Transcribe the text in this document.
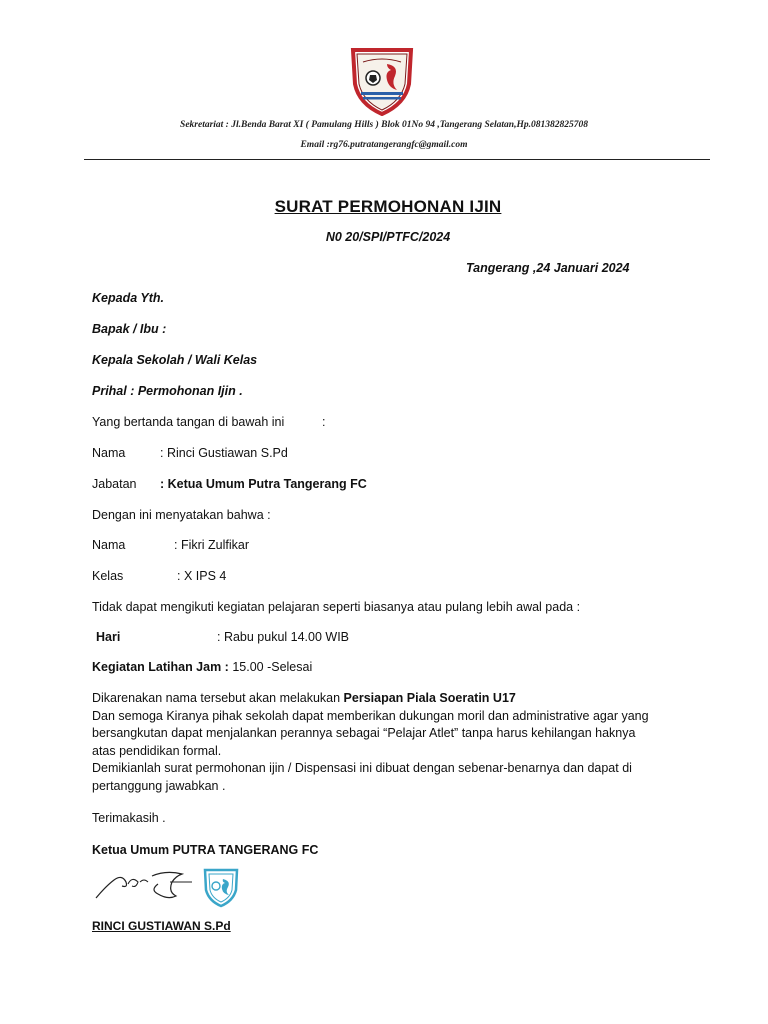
Sekretariat : Jl.Benda Barat XI ( Pamulang Hills ) Blok 01No 94 ,Tangerang Selatan,Hp.081382825708
Email :rg76.putratangerangfc@gmail.com
SURAT PERMOHONAN IJIN
N0 20/SPI/PTFC/2024
Tangerang ,24 Januari 2024
Kepada Yth.
Bapak / Ibu :
Kepala Sekolah / Wali Kelas
Prihal : Permohonan Ijin .
Yang bertanda tangan di bawah ini	:
Nama	: Rinci Gustiawan S.Pd
Jabatan : Ketua Umum Putra Tangerang FC
Dengan ini menyatakan bahwa :
Nama	: Fikri Zulfikar
Kelas	: X IPS 4
Tidak dapat mengikuti kegiatan pelajaran seperti biasanya atau pulang lebih awal pada :
Hari	: Rabu pukul 14.00 WIB
Kegiatan Latihan Jam : 15.00 -Selesai
Dikarenakan nama tersebut akan melakukan Persiapan Piala Soeratin U17
Dan semoga Kiranya pihak sekolah dapat memberikan dukungan moril dan administrative agar yang
bersangkutan dapat menjalankan perannya sebagai “Pelajar Atlet” tanpa harus kehilangan haknya
atas pendidikan formal.
Demikianlah surat permohonan ijin / Dispensasi ini dibuat dengan sebenar-benarnya dan dapat di
pertanggung jawabkan .
Terimakasih .
Ketua Umum PUTRA TANGERANG FC
RINCI GUSTIAWAN S.Pd
